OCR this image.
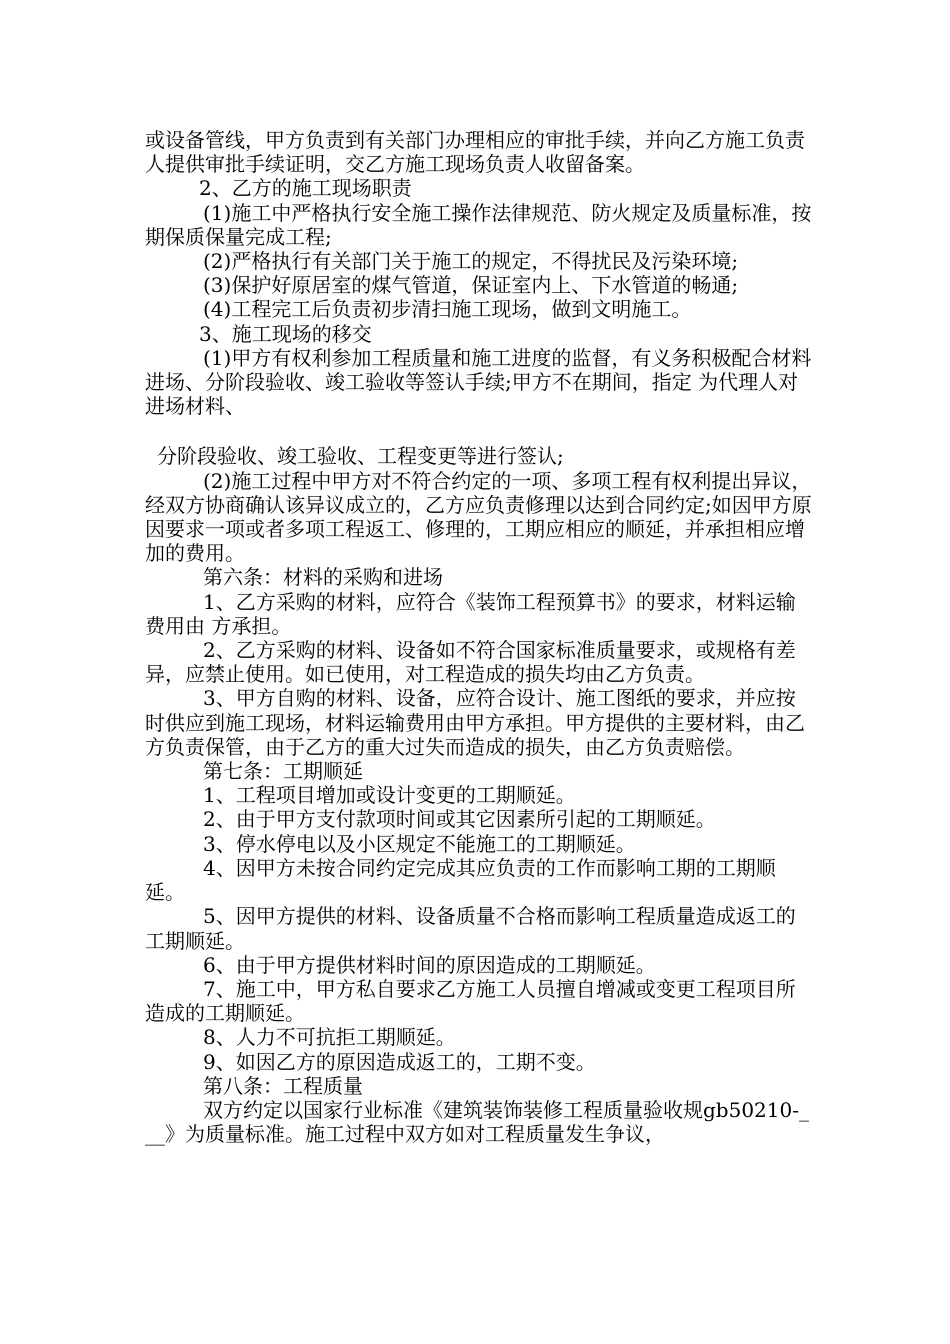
或设备管线，甲方负责到有关部门办理相应的审批手续，并向乙方施工负责人提供审批手续证明，交乙方施工现场负责人收留备案。

2、乙方的施工现场职责

(1)施工中严格执行安全施工操作法律规范、防火规定及质量标准，按期保质保量完成工程;

(2)严格执行有关部门关于施工的规定，不得扰民及污染环境;

(3)保护好原居室的煤气管道，保证室内上、下水管道的畅通;

(4)工程完工后负责初步清扫施工现场，做到文明施工。

3、施工现场的移交

(1)甲方有权利参加工程质量和施工进度的监督，有义务积极配合材料进场、分阶段验收、竣工验收等签认手续;甲方不在期间，指定 为代理人对进场材料、

分阶段验收、竣工验收、工程变更等进行签认;

(2)施工过程中甲方对不符合约定的一项、多项工程有权利提出异议，经双方协商确认该异议成立的，乙方应负责修理以达到合同约定;如因甲方原因要求一项或者多项工程返工、修理的，工期应相应的顺延，并承担相应增加的费用。

第六条：材料的采购和进场

1、乙方采购的材料，应符合《装饰工程预算书》的要求，材料运输费用由 方承担。

2、乙方采购的材料、设备如不符合国家标准质量要求，或规格有差异，应禁止使用。如已使用，对工程造成的损失均由乙方负责。

3、甲方自购的材料、设备，应符合设计、施工图纸的要求，并应按时供应到施工现场，材料运输费用由甲方承担。甲方提供的主要材料，由乙方负责保管，由于乙方的重大过失而造成的损失，由乙方负责赔偿。

第七条：工期顺延

1、工程项目增加或设计变更的工期顺延。

2、由于甲方支付款项时间或其它因素所引起的工期顺延。

3、停水停电以及小区规定不能施工的工期顺延。

4、因甲方未按合同约定完成其应负责的工作而影响工期的工期顺延。

5、因甲方提供的材料、设备质量不合格而影响工程质量造成返工的工期顺延。

6、由于甲方提供材料时间的原因造成的工期顺延。

7、施工中，甲方私自要求乙方施工人员擅自增减或变更工程项目所造成的工期顺延。

8、人力不可抗拒工期顺延。

9、如因乙方的原因造成返工的，工期不变。

第八条：工程质量

双方约定以国家行业标准《建筑装饰装修工程质量验收规gb50210-___》为质量标准。施工过程中双方如对工程质量发生争议，
